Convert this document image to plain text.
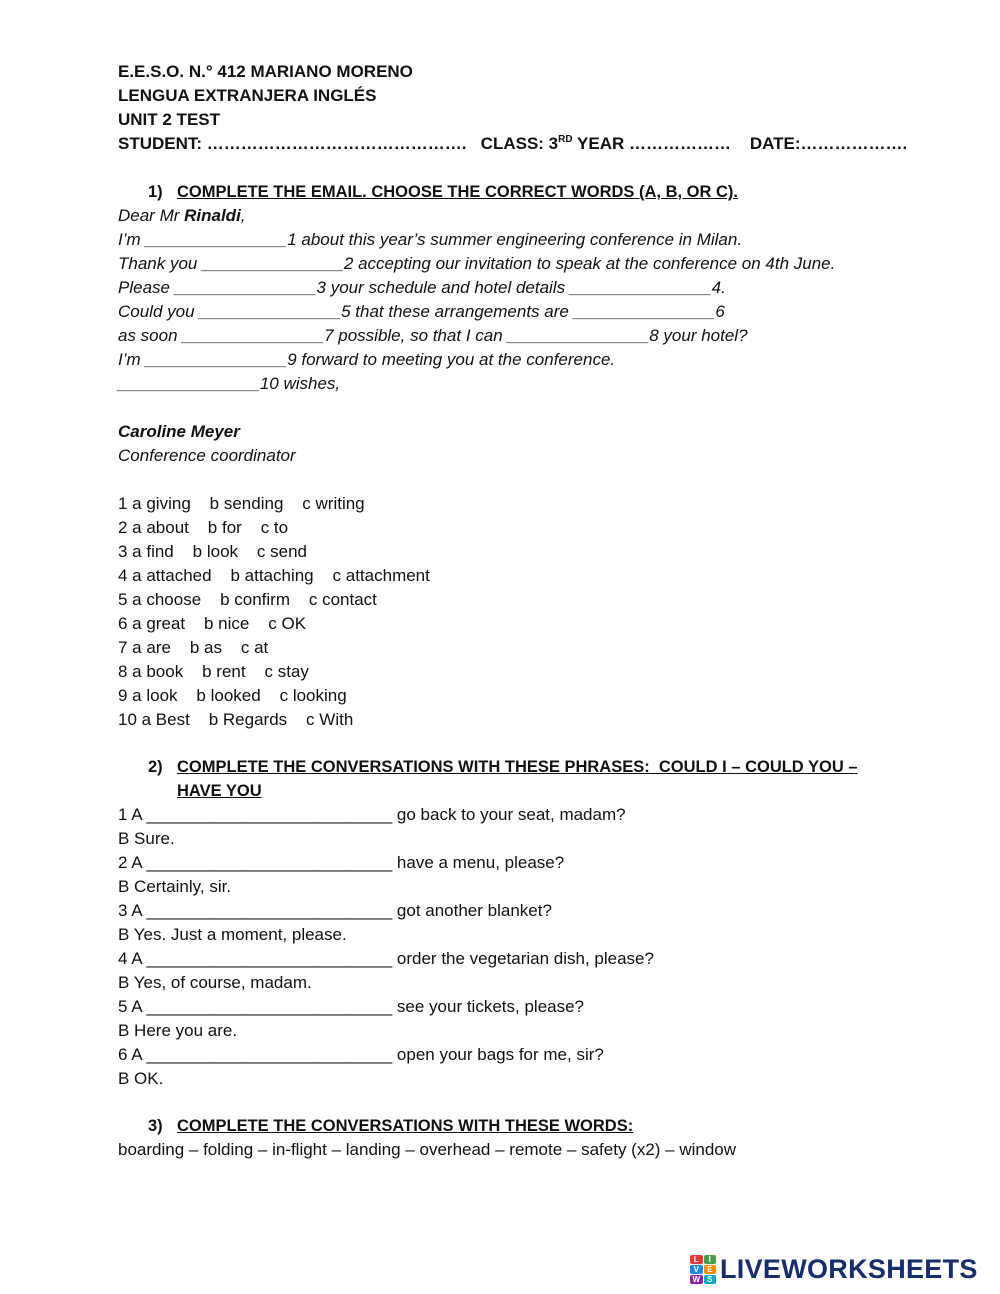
E.E.S.O. N.° 412 MARIANO MORENO
LENGUA EXTRANJERA INGLÉS
UNIT 2 TEST
STUDENT: ………………………………………. CLASS: 3RD YEAR ……………… DATE:……………….
1) COMPLETE THE EMAIL. CHOOSE THE CORRECT WORDS (A, B, OR C).
Dear Mr Rinaldi,
I’m _______________1 about this year’s summer engineering conference in Milan.
Thank you _______________2 accepting our invitation to speak at the conference on 4th June.
Please _______________3 your schedule and hotel details _______________4.
Could you _______________5 that these arrangements are _______________6
as soon _______________7 possible, so that I can _______________8 your hotel?
I’m _______________9 forward to meeting you at the conference.
_______________10 wishes,
Caroline Meyer
Conference coordinator
1 a giving    b sending    c writing
2 a about    b for    c to
3 a find    b look    c send
4 a attached    b attaching    c attachment
5 a choose    b confirm    c contact
6 a great    b nice    c OK
7 a are    b as    c at
8 a book    b rent    c stay
9 a look    b looked    c looking
10 a Best    b Regards    c With
2) COMPLETE THE CONVERSATIONS WITH THESE PHRASES:  COULD I – COULD YOU –
HAVE YOU
1 A __________________________ go back to your seat, madam?
B Sure.
2 A __________________________ have a menu, please?
B Certainly, sir.
3 A __________________________ got another blanket?
B Yes. Just a moment, please.
4 A __________________________ order the vegetarian dish, please?
B Yes, of course, madam.
5 A __________________________ see your tickets, please?
B Here you are.
6 A __________________________ open your bags for me, sir?
B OK.
3) COMPLETE THE CONVERSATIONS WITH THESE WORDS:
boarding – folding – in-flight – landing – overhead – remote – safety (x2) – window
L	I
V	E
W S LIVEWORKSHEETS
